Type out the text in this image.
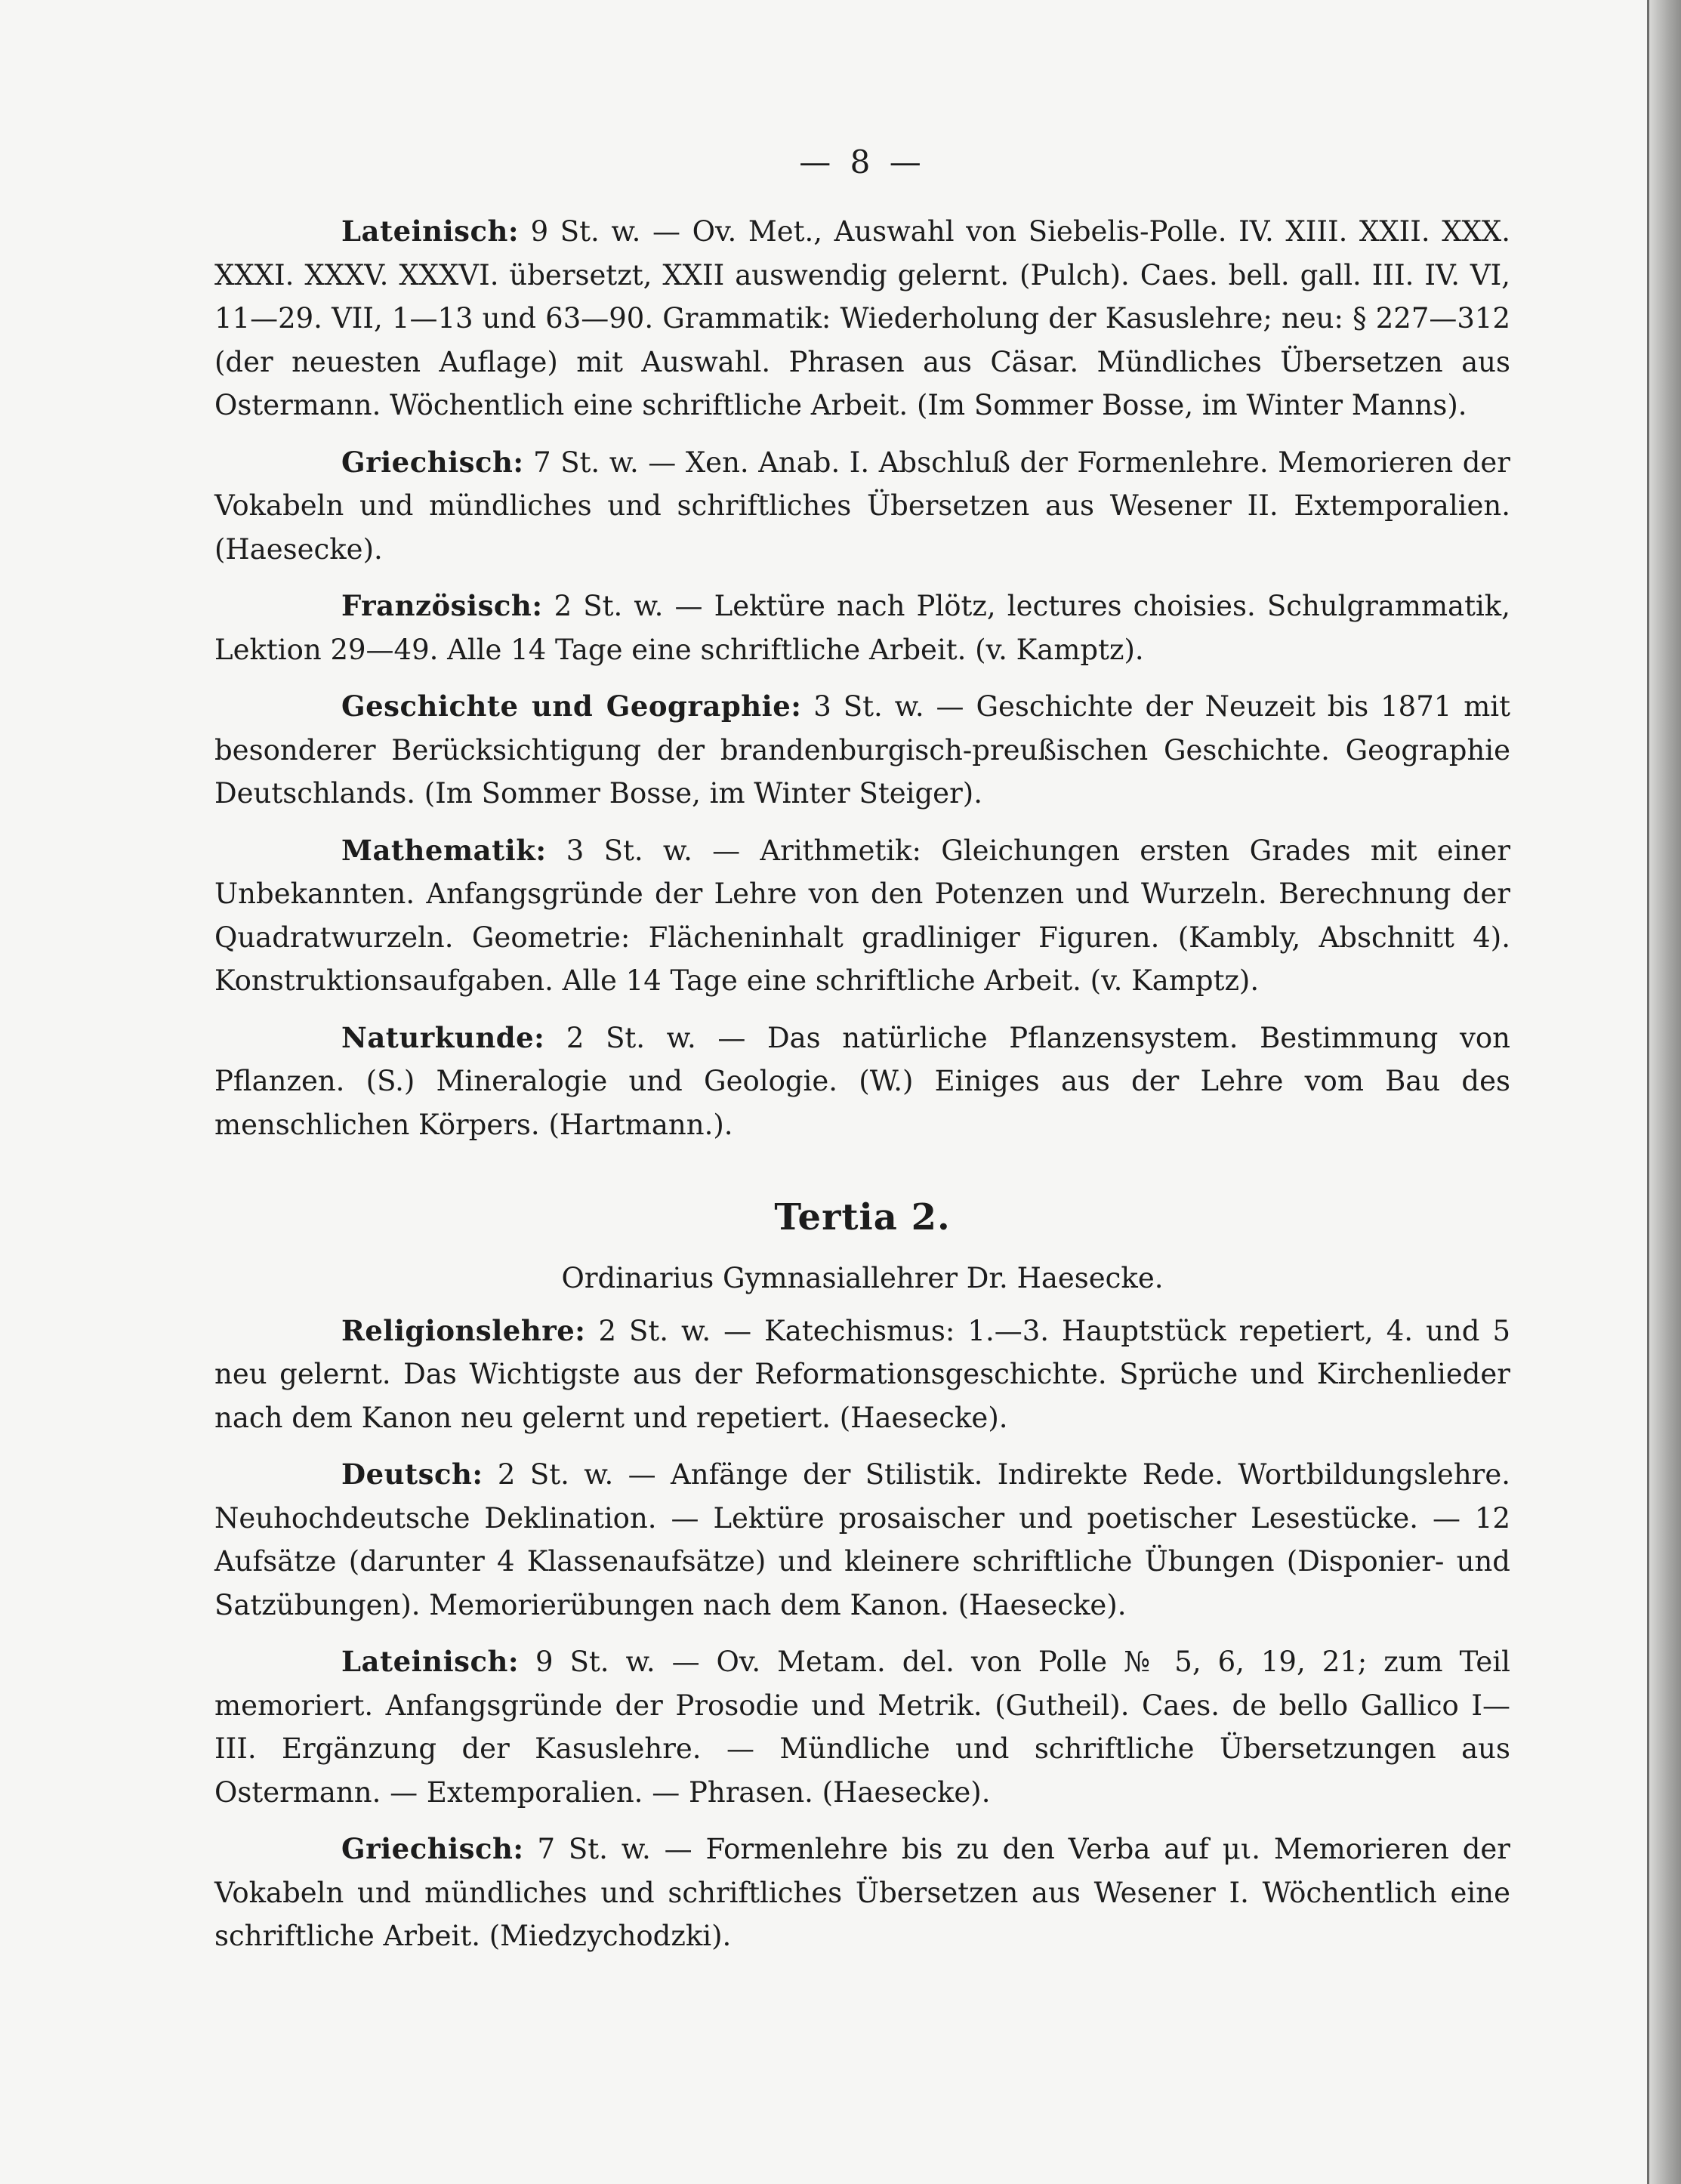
— 8 —

Lateinisch: 9 St. w. — Ov. Met., Auswahl von Siebelis-Polle. IV. XIII. XXII. XXX. XXXI. XXXV. XXXVI. übersetzt, XXII auswendig gelernt. (Pulch). Caes. bell. gall. III. IV. VI, 11—29. VII, 1—13 und 63—90. Grammatik: Wiederholung der Kasuslehre; neu: § 227—312 (der neuesten Auflage) mit Auswahl. Phrasen aus Cäsar. Mündliches Übersetzen aus Ostermann. Wöchentlich eine schriftliche Arbeit. (Im Sommer Bosse, im Winter Manns).

Griechisch: 7 St. w. — Xen. Anab. I. Abschluß der Formenlehre. Memorieren der Vokabeln und mündliches und schriftliches Übersetzen aus Wesener II. Extemporalien. (Haesecke).

Französisch: 2 St. w. — Lektüre nach Plötz, lectures choisies. Schulgrammatik, Lektion 29—49. Alle 14 Tage eine schriftliche Arbeit. (v. Kamptz).

Geschichte und Geographie: 3 St. w. — Geschichte der Neuzeit bis 1871 mit besonderer Berücksichtigung der brandenburgisch-preußischen Geschichte. Geographie Deutschlands. (Im Sommer Bosse, im Winter Steiger).

Mathematik: 3 St. w. — Arithmetik: Gleichungen ersten Grades mit einer Unbekannten. Anfangsgründe der Lehre von den Potenzen und Wurzeln. Berechnung der Quadratwurzeln. Geometrie: Flächeninhalt gradliniger Figuren. (Kambly, Abschnitt 4). Konstruktionsaufgaben. Alle 14 Tage eine schriftliche Arbeit. (v. Kamptz).

Naturkunde: 2 St. w. — Das natürliche Pflanzensystem. Bestimmung von Pflanzen. (S.) Mineralogie und Geologie. (W.) Einiges aus der Lehre vom Bau des menschlichen Körpers. (Hartmann.).

Tertia 2.
Ordinarius Gymnasiallehrer Dr. Haesecke.

Religionslehre: 2 St. w. — Katechismus: 1.—3. Hauptstück repetiert, 4. und 5 neu gelernt. Das Wichtigste aus der Reformationsgeschichte. Sprüche und Kirchenlieder nach dem Kanon neu gelernt und repetiert. (Haesecke).

Deutsch: 2 St. w. — Anfänge der Stilistik. Indirekte Rede. Wortbildungslehre. Neuhochdeutsche Deklination. — Lektüre prosaischer und poetischer Lesestücke. — 12 Aufsätze (darunter 4 Klassenaufsätze) und kleinere schriftliche Übungen (Disponier- und Satzübungen). Memorierübungen nach dem Kanon. (Haesecke).

Lateinisch: 9 St. w. — Ov. Metam. del. von Polle № 5, 6, 19, 21; zum Teil memoriert. Anfangsgründe der Prosodie und Metrik. (Gutheil). Caes. de bello Gallico I—III. Ergänzung der Kasuslehre. — Mündliche und schriftliche Übersetzungen aus Ostermann. — Extemporalien. — Phrasen. (Haesecke).

Griechisch: 7 St. w. — Formenlehre bis zu den Verba auf μι. Memorieren der Vokabeln und mündliches und schriftliches Übersetzen aus Wesener I. Wöchentlich eine schriftliche Arbeit. (Miedzychodzki).
